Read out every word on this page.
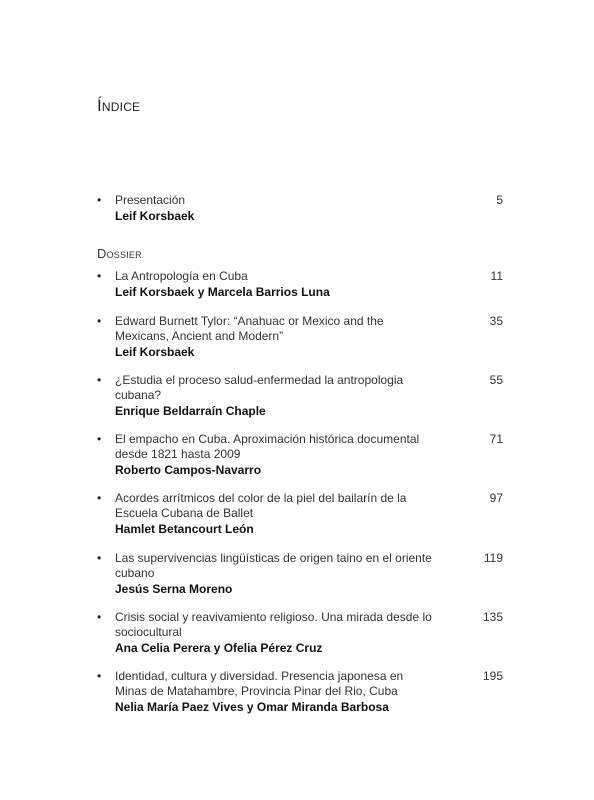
Índice
• Presentación
Leif Korsbaek
5
Dossier
• La Antropología en Cuba
Leif Korsbaek y Marcela Barrios Luna
11
• Edward Burnett Tylor: “Anahuac or Mexico and the Mexicans, Ancient and Modern”
Leif Korsbaek
35
• ¿Estudia el proceso salud-enfermedad la antropologia cubana?
Enrique Beldarraín Chaple
55
• El empacho en Cuba. Aproximación histórica documental desde 1821 hasta 2009
Roberto Campos-Navarro
71
• Acordes arrítmicos del color de la piel del bailarín de la Escuela Cubana de Ballet
Hamlet Betancourt León
97
• Las supervivencias lingüísticas de origen taino en el oriente cubano
Jesús Serna Moreno
119
• Crisis social y reavivamiento religioso. Una mirada desde lo sociocultural
Ana Celia Perera y Ofelia Pérez Cruz
135
• Identidad, cultura y diversidad. Presencia japonesa en Minas de Matahambre, Provincia Pinar del Rio, Cuba
Nelia María Paez Vives y Omar Miranda Barbosa
195
